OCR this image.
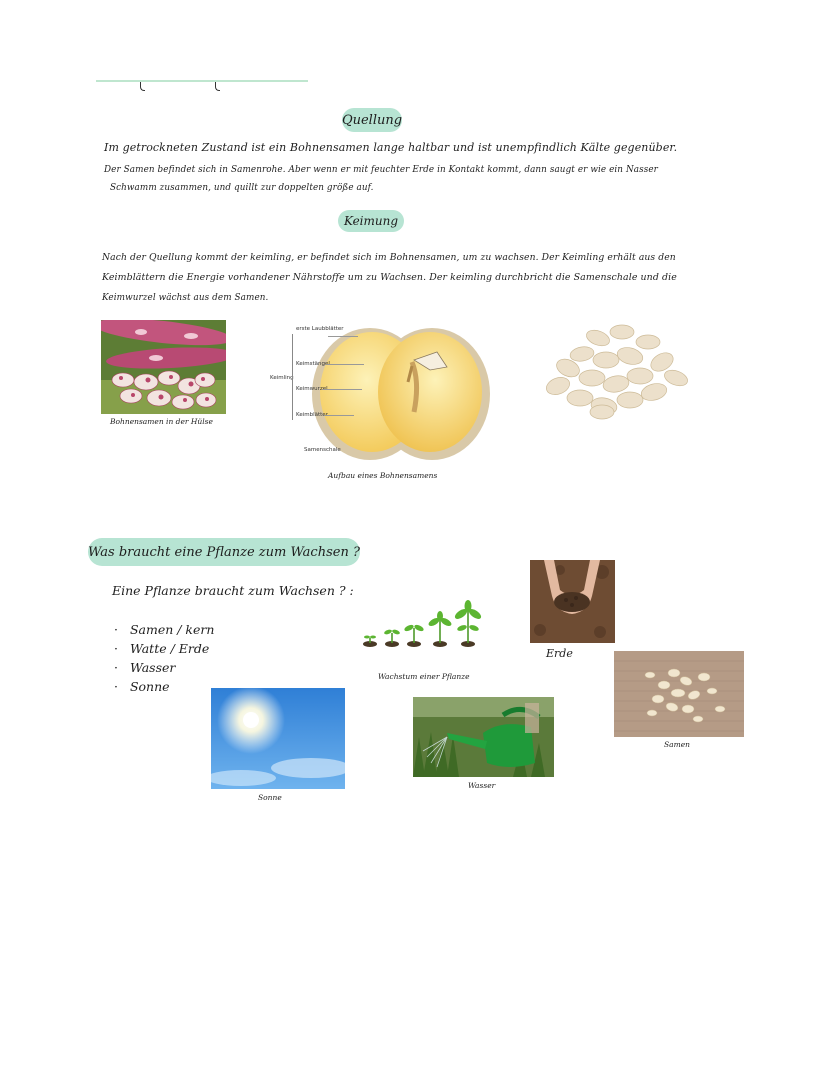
Quellung
Im getrockneten Zustand ist ein Bohnensamen lange haltbar und ist unempfindlich Kälte gegenüber.
Der Samen befindet sich in Samenrohe. Aber wenn er mit feuchter Erde in Kontakt kommt, dann saugt er wie ein Nasser
Schwamm zusammen, und quillt zur doppelten größe auf.
Keimung
Nach der Quellung kommt der keimling, er befindet sich im Bohnensamen, um zu wachsen. Der Keimling erhält aus den
Keimblättern die Energie vorhandener Nährstoffe um zu Wachsen. Der keimling durchbricht die Samenschale und die
Keimwurzel wächst aus dem Samen.
Bohnensamen in der Hülse
erste Laubblätter
Keimstängel
Keimwurzel
Keimblätter
Samenschale
Keimling
Aufbau eines Bohnensamens
Was braucht eine Pflanze zum Wachsen ?
Eine Pflanze braucht zum Wachsen ? :
· Samen / kern
· Watte / Erde
· Wasser
· Sonne
Wachstum einer Pflanze
Erde
Samen
Sonne
Wasser
